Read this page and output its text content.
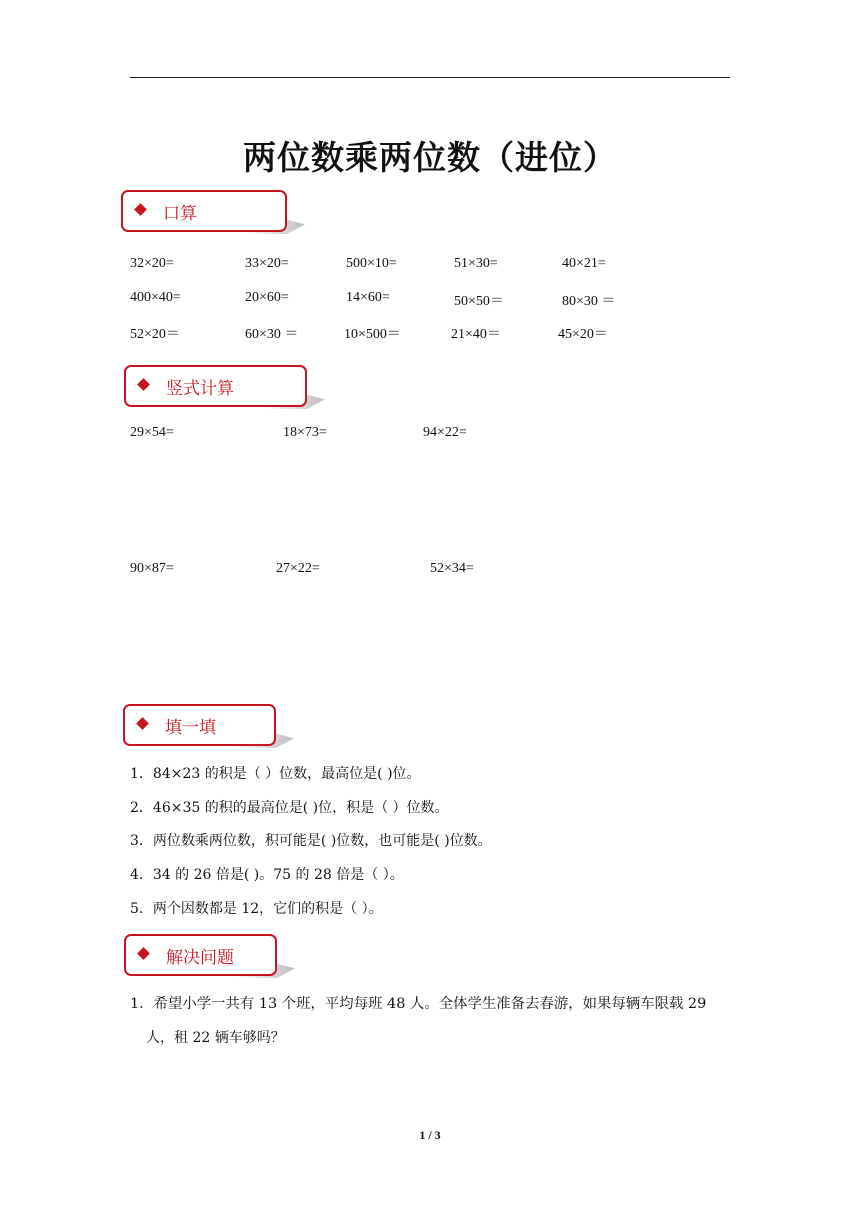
两位数乘两位数（进位）
口算
32×20=	33×20=	500×10=	51×30=	40×21=
400×40=	20×60=	14×60=	50×50＝	80×30 ＝
52×20＝	60×30 ＝	10×500＝	21×40＝	45×20＝
竖式计算
29×54=	18×73=	94×22=
90×87=	27×22=	52×34=
填一填
1．84×23 的积是（ ）位数，最高位是( )位。
2．46×35 的积的最高位是( )位，积是（ ）位数。
3．两位数乘两位数，积可能是( )位数，也可能是( )位数。
4．34 的 26 倍是( )。75 的 28 倍是（ ）。
5．两个因数都是 12，它们的积是（ ）。
解决问题
1．希望小学一共有 13 个班，平均每班 48 人。全体学生准备去春游，如果每辆车限载 29
人，租 22 辆车够吗？
1 / 3
